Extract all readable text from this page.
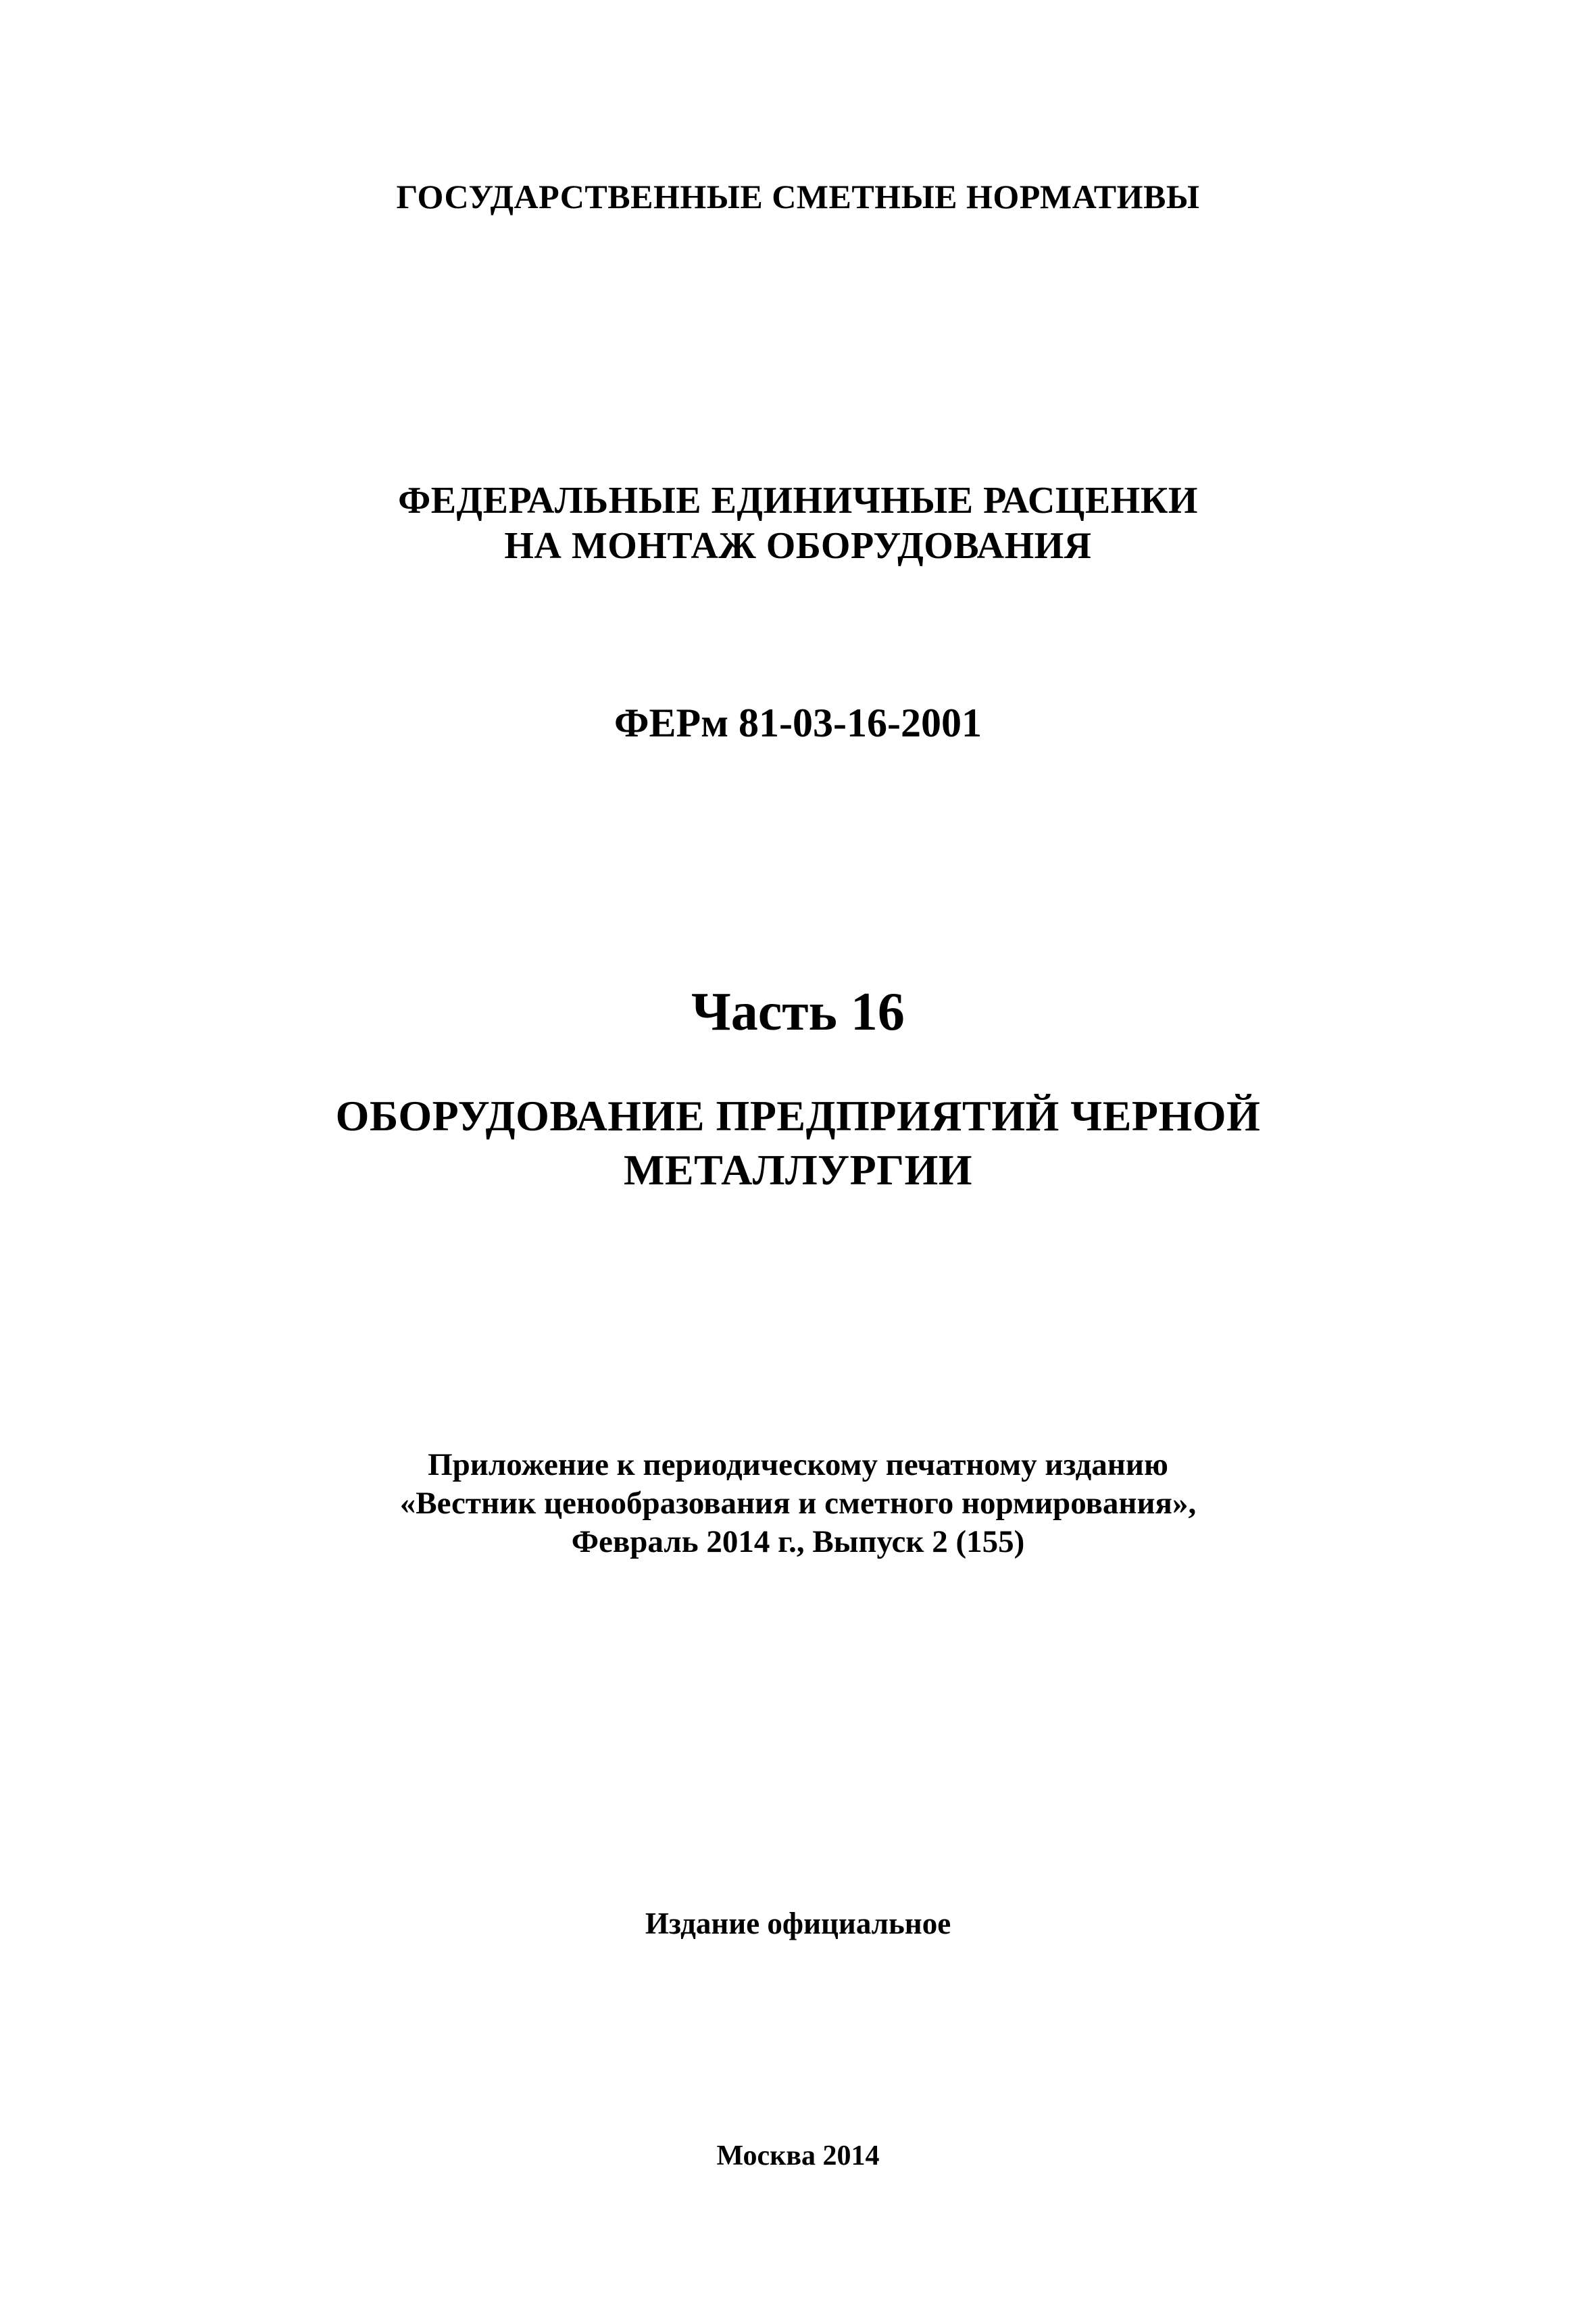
ГОСУДАРСТВЕННЫЕ СМЕТНЫЕ НОРМАТИВЫ
ФЕДЕРАЛЬНЫЕ ЕДИНИЧНЫЕ РАСЦЕНКИ
НА МОНТАЖ ОБОРУДОВАНИЯ
ФЕРм 81-03-16-2001
Часть 16
ОБОРУДОВАНИЕ ПРЕДПРИЯТИЙ ЧЕРНОЙ
МЕТАЛЛУРГИИ
Приложение к периодическому печатному изданию
«Вестник ценообразования и сметного нормирования»,
Февраль 2014 г., Выпуск 2 (155)
Издание официальное
Москва 2014
